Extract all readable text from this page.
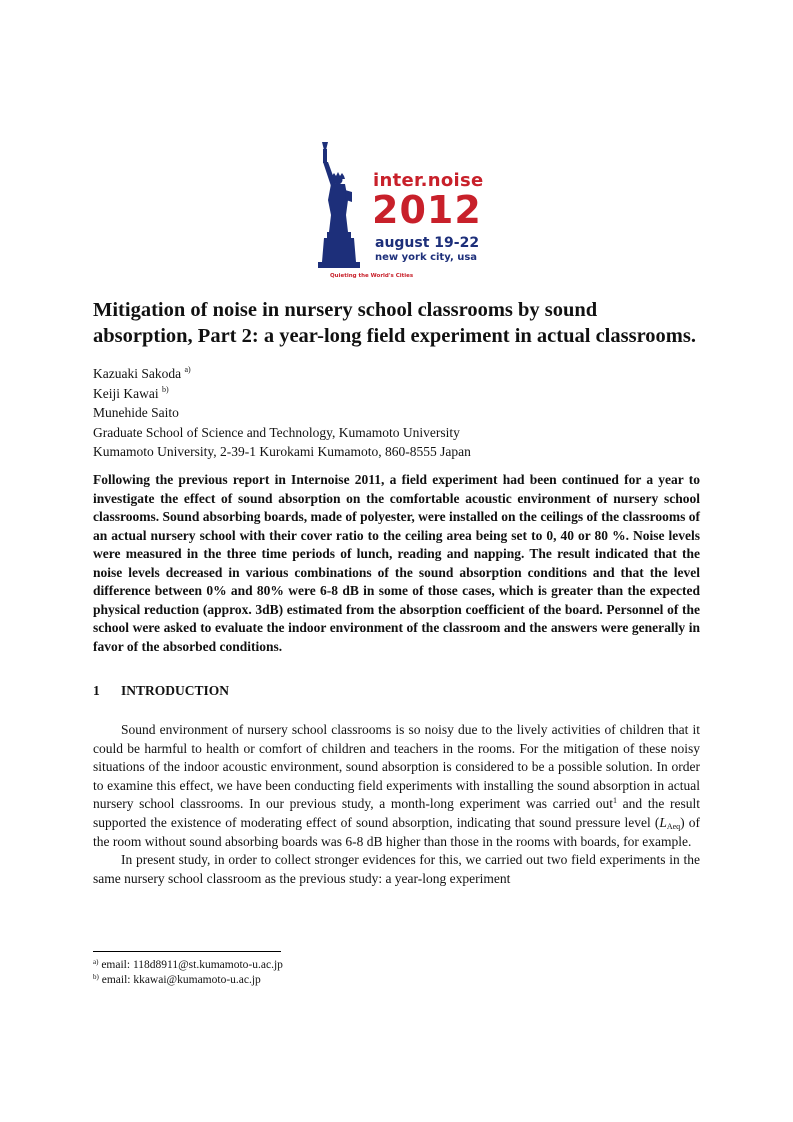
inter.noise
2012
august 19-22
new york city, usa
Quieting the World's Cities
Mitigation of noise in nursery school classrooms by sound
absorption, Part 2: a year-long field experiment in actual classrooms.
Kazuaki Sakoda $^{a)}$
Keiji Kawai $^{b)}$
Munehide Saito
Graduate School of Science and Technology, Kumamoto University
Kumamoto University, 2-39-1 Kurokami Kumamoto, 860-8555 Japan

Following the previous report in Internoise 2011, a field experiment had been continued for a year to investigate the effect of sound absorption on the comfortable acoustic environment of nursery school classrooms. Sound absorbing boards, made of polyester, were installed on the ceilings of the classrooms of an actual nursery school with their cover ratio to the ceiling area being set to 0, 40 or 80 %. Noise levels were measured in the three time periods of lunch, reading and napping. The result indicated that the noise levels decreased in various combinations of the sound absorption conditions and that the level difference between 0% and 80% were 6-8 dB in some of those cases, which is greater than the expected physical reduction (approx. 3dB) estimated from the absorption coefficient of the board. Personnel of the school were asked to evaluate the indoor environment of the classroom and the answers were generally in favor of the absorbed conditions.

1 INTRODUCTION

Sound environment of nursery school classrooms is so noisy due to the lively activities of children that it could be harmful to health or comfort of children and teachers in the rooms. For the mitigation of these noisy situations of the indoor acoustic environment, sound absorption is considered to be a possible solution. In order to examine this effect, we have been conducting field experiments with installing the sound absorption in actual nursery school classrooms. In our previous study, a month-long experiment was carried out$^1$ and the result supported the existence of moderating effect of sound absorption, indicating that sound pressure level $(L_{Aeq})$ of the room without sound absorbing boards was 6-8 dB higher than those in the rooms with boards, for example.

In present study, in order to collect stronger evidences for this, we carried out two field experiments in the same nursery school classroom as the previous study: a year-long experiment

$^{a)}$ email: 118d8911@st.kumamoto-u.ac.jp
$^{b)}$ email: kkawai@kumamoto-u.ac.jp
